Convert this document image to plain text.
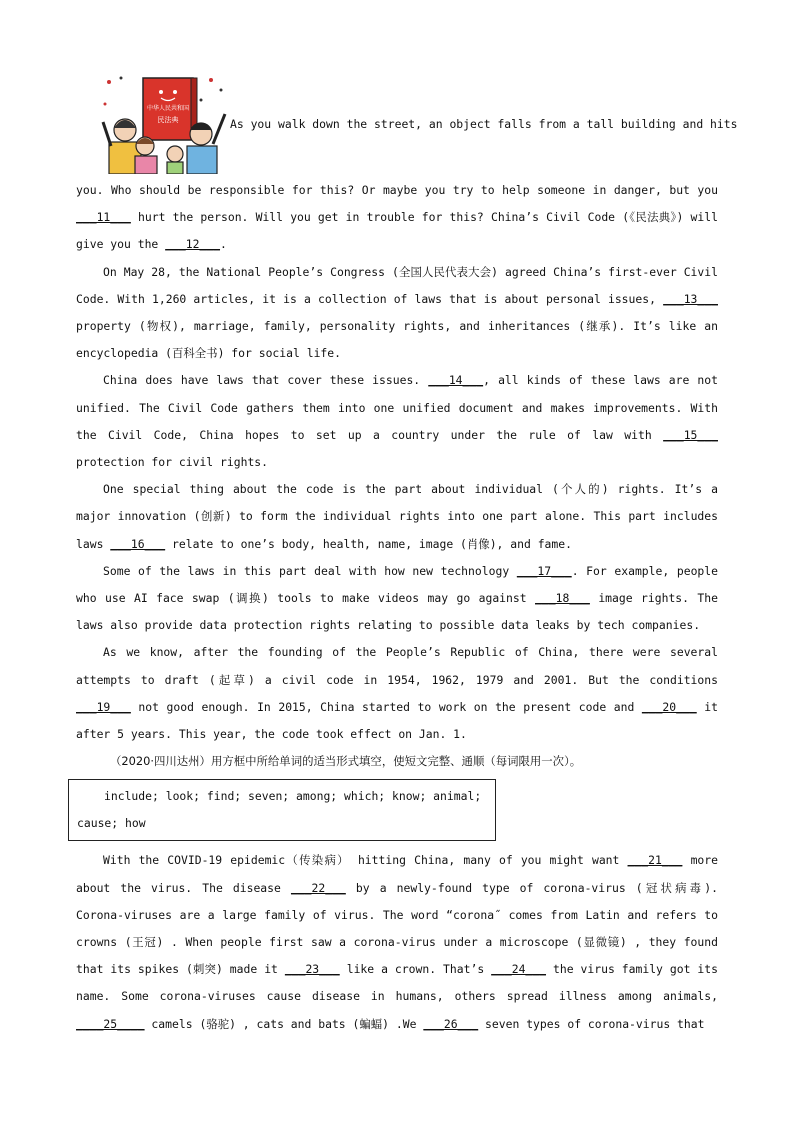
中华人民共和国
民法典	As you walk down the street, an object falls from a tall building and hits

you. Who should be responsible for this? Or maybe you try to help someone in danger, but you ___11___ hurt the person. Will you get in trouble for this? China’s Civil Code (《民法典》) will give you the ___12___.

On May 28, the National People’s Congress (全国人民代表大会) agreed China’s first-ever Civil Code. With 1,260 articles, it is a collection of laws that is about personal issues, ___13___ property (物权), marriage, family, personality rights, and inheritances (继承). It’s like an encyclopedia (百科全书) for social life.

China does have laws that cover these issues. ___14___, all kinds of these laws are not unified. The Civil Code gathers them into one unified document and makes improvements. With the Civil Code, China hopes to set up a country under the rule of law with ___15___ protection for civil rights.

One special thing about the code is the part about individual (个人的) rights. It’s a major innovation (创新) to form the individual rights into one part alone. This part includes laws ___16___ relate to one’s body, health, name, image (肖像), and fame.

Some of the laws in this part deal with how new technology ___17___. For example, people who use AI face swap (调换) tools to make videos may go against ___18___ image rights. The laws also provide data protection rights relating to possible data leaks by tech companies.

As we know, after the founding of the People’s Republic of China, there were several attempts to draft (起草) a civil code in 1954, 1962, 1979 and 2001. But the conditions ___19___ not good enough. In 2015, China started to work on the present code and ___20___ it after 5 years. This year, the code took effect on Jan. 1.

（2020·四川达州）用方框中所给单词的适当形式填空，使短文完整、通顺（每词限用一次）。

include; look; find; seven; among; which; know; animal; cause; how

With the COVID-19 epidemic（传染病） hitting China, many of you might want ___21___ more about the virus. The disease ___22___ by a newly-found type of corona-virus (冠状病毒). Corona-viruses are a large family of virus. The word “corona˝ comes from Latin and refers to crowns (王冠) . When people first saw a corona-virus under a microscope (显微镜) , they found that its spikes (刺突) made it ___23___ like a crown. That’s ___24___ the virus family got its name. Some corona-viruses cause disease in humans, others spread illness among animals, ____25____ camels (骆驼) , cats and bats (蝙蝠) .We ___26___ seven types of corona-virus that
